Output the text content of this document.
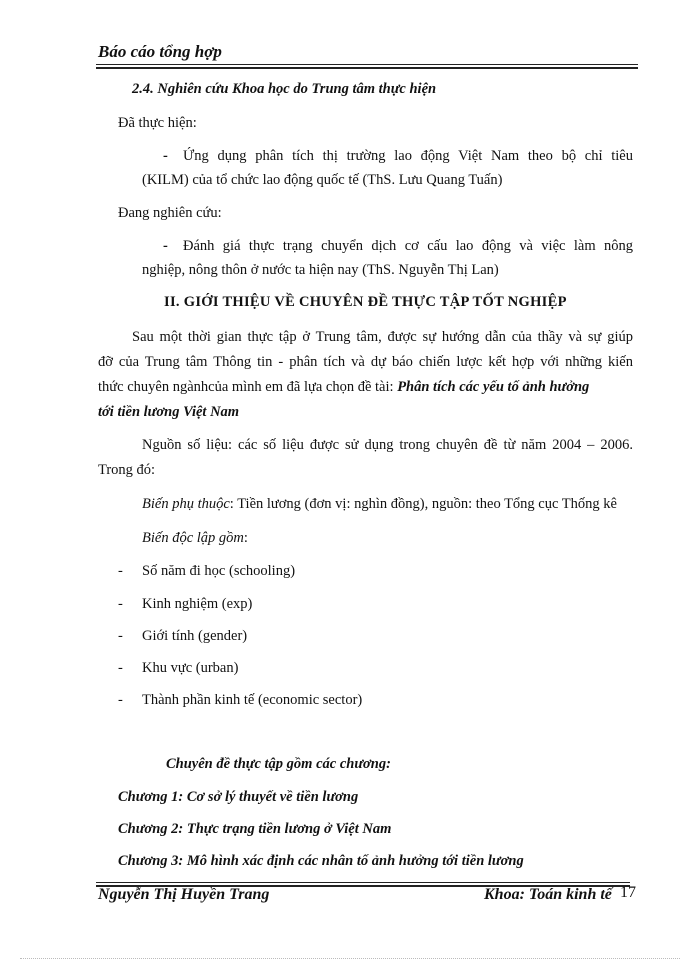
Báo cáo tổng hợp
2.4. Nghiên cứu Khoa học do Trung tâm thực hiện
Đã thực hiện:
- Ứng dụng phân tích thị trường lao động Việt Nam theo bộ chỉ tiêu
(KILM) của tổ chức lao động quốc tế (ThS. Lưu Quang Tuấn)
Đang nghiên cứu:
- Đánh giá thực trạng chuyển dịch cơ cấu lao động và việc làm nông
nghiệp, nông thôn ở nước ta hiện nay (ThS. Nguyễn Thị Lan)
II. GIỚI THIỆU VỀ CHUYÊN ĐỀ THỰC TẬP TỐT NGHIỆP
Sau một thời gian thực tập ở Trung tâm, được sự hướng dẫn của thầy và sự giúp
đỡ của Trung tâm Thông tin - phân tích và dự báo chiến lược kết hợp với những kiến
thức chuyên ngànhcủa mình em đã lựa chọn đề tài: Phân tích các yếu tố ảnh hưởng
tới tiền lương Việt Nam
Nguồn số liệu: các số liệu được sử dụng trong chuyên đề từ năm 2004 – 2006.
Trong đó:
Biến phụ thuộc: Tiền lương (đơn vị: nghìn đồng), nguồn: theo Tổng cục Thống kê
Biến độc lập gồm:
- Số năm đi học (schooling)
- Kinh nghiệm (exp)
- Giới tính (gender)
- Khu vực (urban)
- Thành phần kinh tế (economic sector)
Chuyên đề thực tập gồm các chương:
Chương 1: Cơ sở lý thuyết về tiền lương
Chương 2: Thực trạng tiền lương ở Việt Nam
Chương 3: Mô hình xác định các nhân tố ảnh hưởng tới tiền lương
Nguyễn Thị Huyền Trang	Khoa: Toán kinh tế 17
